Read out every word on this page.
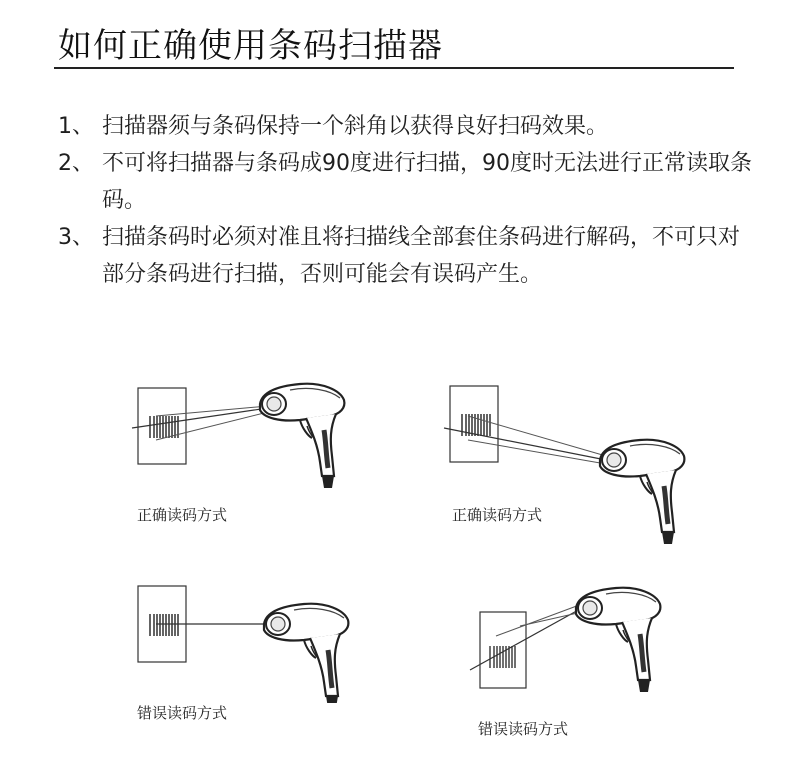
如何正确使用条码扫描器
1、 扫描器须与条码保持一个斜角以获得良好扫码效果。
2、 不可将扫描器与条码成90度进行扫描，90度时无法进行正常读取条码。
3、 扫描条码时必须对准且将扫描线全部套住条码进行解码，不可只对部分条码进行扫描，否则可能会有误码产生。
正确读码方式	正确读码方式
错误读码方式
错误读码方式
